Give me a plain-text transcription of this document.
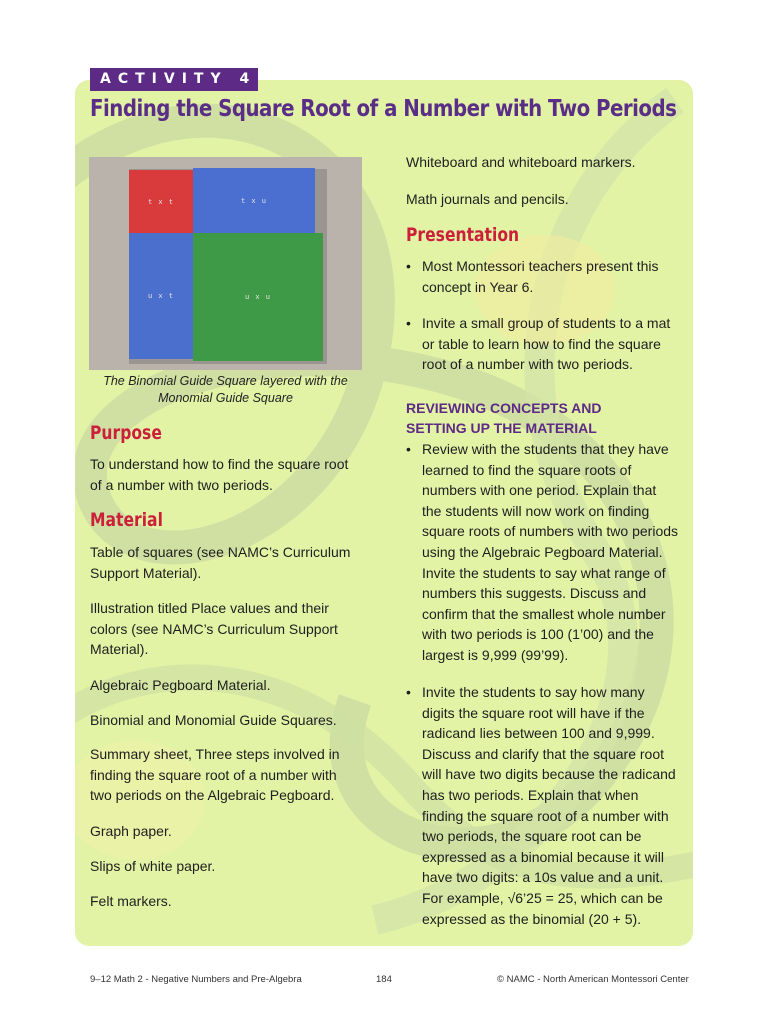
ACTIVITY 4
Finding the Square Root of a Number with Two Periods
t x t	t x u
u x t	u x u
The Binomial Guide Square layered with the Monomial Guide Square
Purpose
To understand how to find the square root of a number with two periods.
Material
Table of squares (see NAMC’s Curriculum Support Material).
Illustration titled Place values and their colors (see NAMC’s Curriculum Support Material).
Algebraic Pegboard Material.
Binomial and Monomial Guide Squares.
Summary sheet, Three steps involved in finding the square root of a number with two periods on the Algebraic Pegboard.
Graph paper.
Slips of white paper.
Felt markers.
Whiteboard and whiteboard markers.
Math journals and pencils.
Presentation
• Most Montessori teachers present this concept in Year 6.
• Invite a small group of students to a mat or table to learn how to find the square root of a number with two periods.
REVIEWING CONCEPTS AND SETTING UP THE MATERIAL
• Review with the students that they have learned to find the square roots of numbers with one period. Explain that the students will now work on finding square roots of numbers with two periods using the Algebraic Pegboard Material. Invite the students to say what range of numbers this suggests. Discuss and confirm that the smallest whole number with two periods is 100 (1’00) and the largest is 9,999 (99’99).
• Invite the students to say how many digits the square root will have if the radicand lies between 100 and 9,999. Discuss and clarify that the square root will have two digits because the radicand has two periods. Explain that when finding the square root of a number with two periods, the square root can be expressed as a binomial because it will have two digits: a 10s value and a unit. For example, √6’25 = 25, which can be expressed as the binomial (20 + 5).
9–12 Math 2 - Negative Numbers and Pre-Algebra	184	© NAMC - North American Montessori Center
